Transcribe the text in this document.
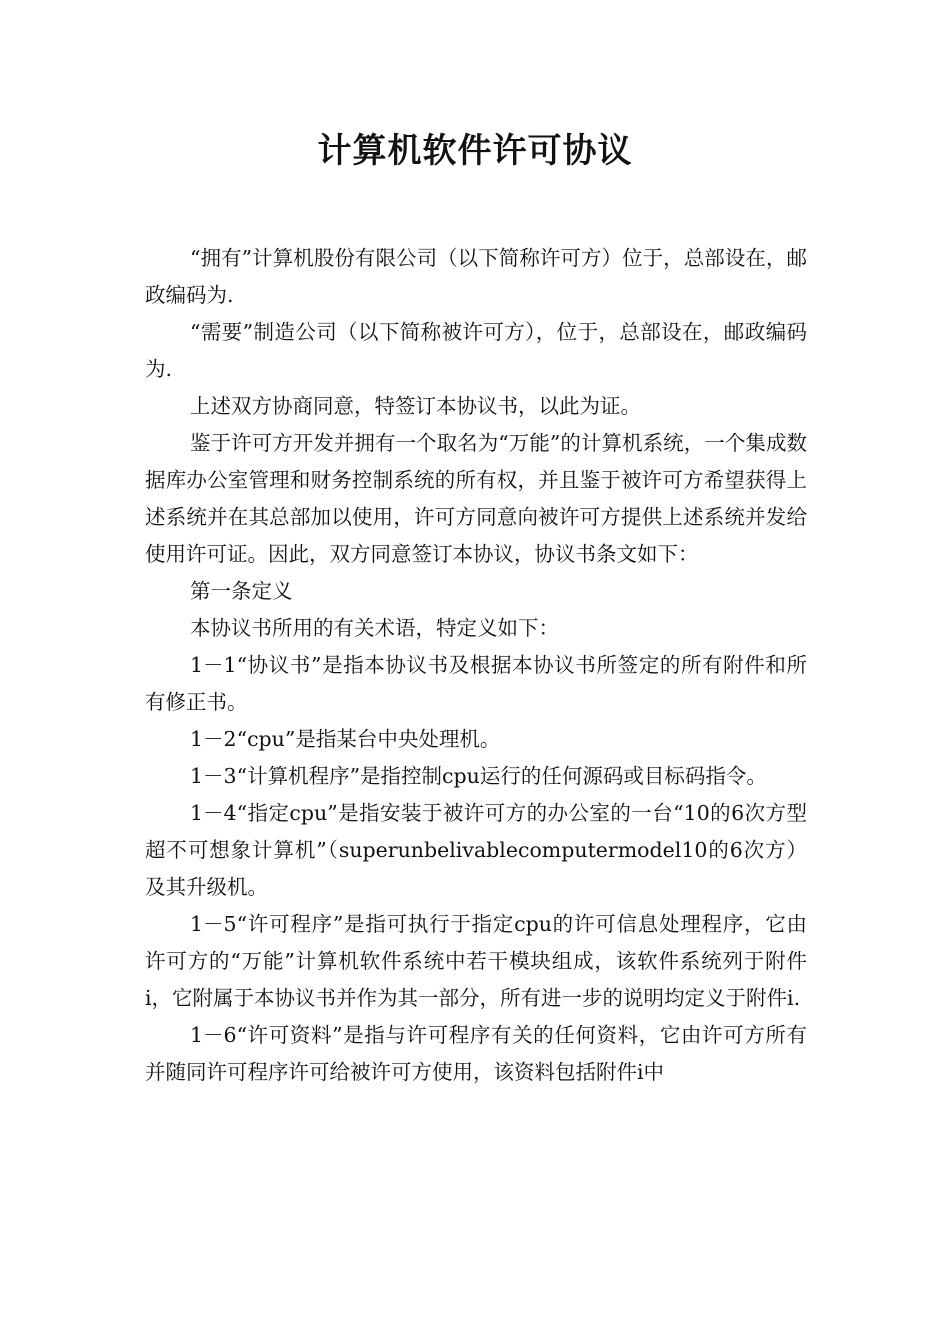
计算机软件许可协议

“拥有”计算机股份有限公司（以下简称许可方）位于，总部设在，邮政编码为.

“需要”制造公司（以下简称被许可方），位于，总部设在，邮政编码为.

上述双方协商同意，特签订本协议书，以此为证。

鉴于许可方开发并拥有一个取名为“万能”的计算机系统，一个集成数据库办公室管理和财务控制系统的所有权，并且鉴于被许可方希望获得上述系统并在其总部加以使用，许可方同意向被许可方提供上述系统并发给使用许可证。因此，双方同意签订本协议，协议书条文如下：

第一条定义

本协议书所用的有关术语，特定义如下：

1－1“协议书”是指本协议书及根据本协议书所签定的所有附件和所有修正书。

1－2“cpu”是指某台中央处理机。

1－3“计算机程序”是指控制cpu运行的任何源码或目标码指令。

1－4“指定cpu”是指安装于被许可方的办公室的一台“10的6次方型超不可想象计算机”（superunbelivablecomputermodel10的6次方）及其升级机。

1－5“许可程序”是指可执行于指定cpu的许可信息处理程序，它由许可方的“万能”计算机软件系统中若干模块组成，该软件系统列于附件i，它附属于本协议书并作为其一部分，所有进一步的说明均定义于附件i.

1－6“许可资料”是指与许可程序有关的任何资料，它由许可方所有并随同许可程序许可给被许可方使用，该资料包括附件i中
